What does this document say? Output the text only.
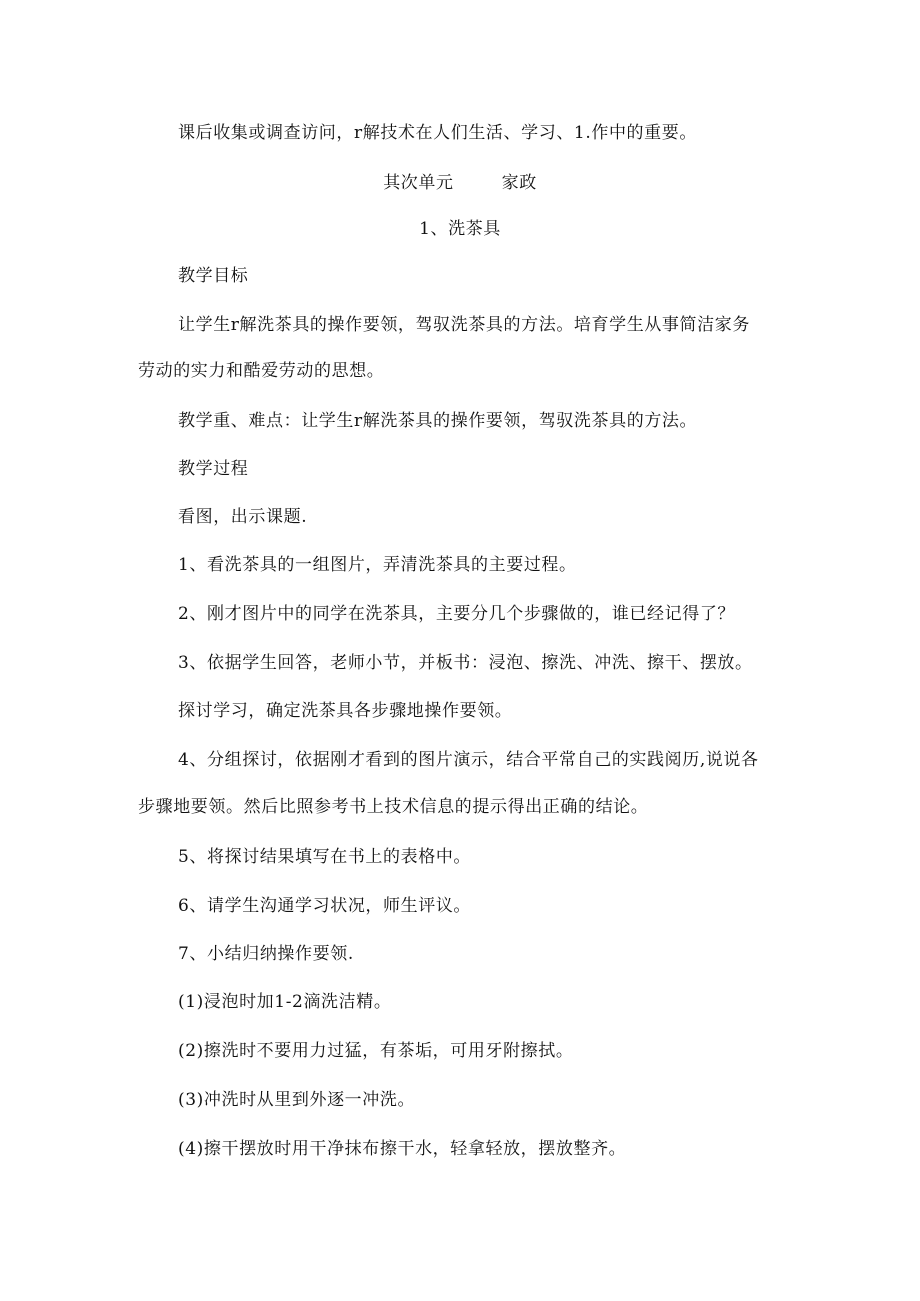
课后收集或调查访问，r解技术在人们生活、学习、1.作中的重要。
其次单元	家政
1、洗茶具
教学目标
让学生r解洗茶具的操作要领，驾驭洗茶具的方法。培育学生从事简洁家务
劳动的实力和酷爱劳动的思想。
教学重、难点：让学生r解洗茶具的操作要领，驾驭洗茶具的方法。
教学过程
看图，出示课题.
1、看洗茶具的一组图片，弄清洗茶具的主要过程。
2、刚才图片中的同学在洗茶具，主要分几个步骤做的，谁已经记得了？
3、依据学生回答，老师小节，并板书：浸泡、擦洗、冲洗、擦干、摆放。
探讨学习，确定洗茶具各步骤地操作要领。
4、分组探讨，依据刚才看到的图片演示，结合平常自己的实践阅历,说说各
步骤地要领。然后比照参考书上技术信息的提示得出正确的结论。
5、将探讨结果填写在书上的表格中。
6、请学生沟通学习状况，师生评议。
7、小结归纳操作要领.
(1)浸泡时加1-2滴洗洁精。
(2)擦洗时不要用力过猛，有茶垢，可用牙附擦拭。
(3)冲洗时从里到外逐一冲洗。
(4)擦干摆放时用干净抹布擦干水，轻拿轻放，摆放整齐。
